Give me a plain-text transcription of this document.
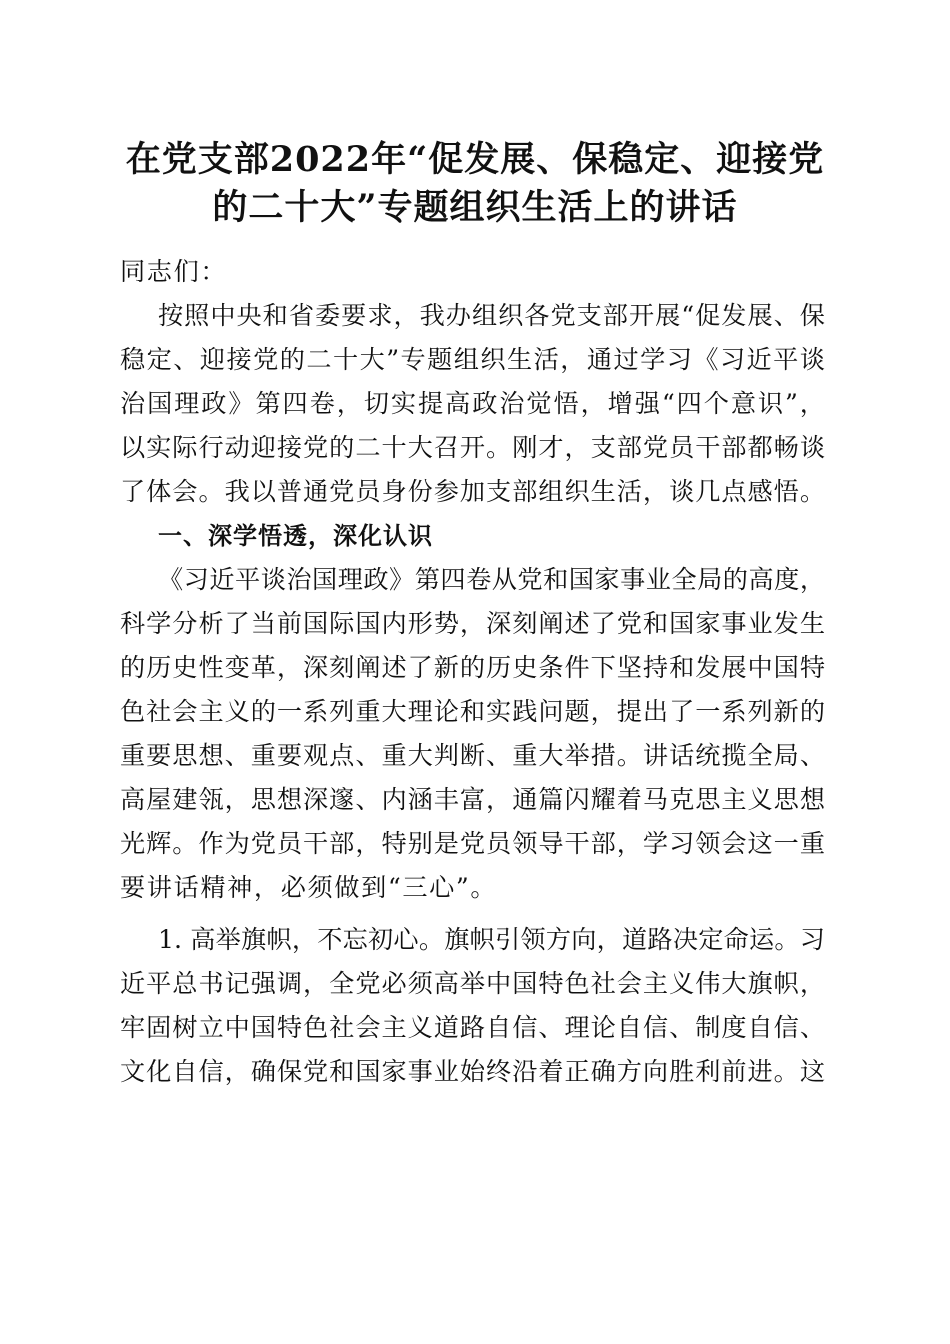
在党支部2022年“促发展、保稳定、迎接党
的二十大”专题组织生活上的讲话
同志们：
按照中央和省委要求，我办组织各党支部开展“促发展、保
稳定、迎接党的二十大”专题组织生活，通过学习《习近平谈
治国理政》第四卷，切实提高政治觉悟，增强“四个意识”，
以实际行动迎接党的二十大召开。刚才，支部党员干部都畅谈
了体会。我以普通党员身份参加支部组织生活，谈几点感悟。
一、深学悟透，深化认识
《习近平谈治国理政》第四卷从党和国家事业全局的高度，
科学分析了当前国际国内形势，深刻阐述了党和国家事业发生
的历史性变革，深刻阐述了新的历史条件下坚持和发展中国特
色社会主义的一系列重大理论和实践问题，提出了一系列新的
重要思想、重要观点、重大判断、重大举措。讲话统揽全局、
高屋建瓴，思想深邃、内涵丰富，通篇闪耀着马克思主义思想
光辉。作为党员干部，特别是党员领导干部，学习领会这一重
要讲话精神，必须做到“三心”。
1. 高举旗帜，不忘初心。旗帜引领方向，道路决定命运。习
近平总书记强调，全党必须高举中国特色社会主义伟大旗帜，
牢固树立中国特色社会主义道路自信、理论自信、制度自信、
文化自信，确保党和国家事业始终沿着正确方向胜利前进。这
